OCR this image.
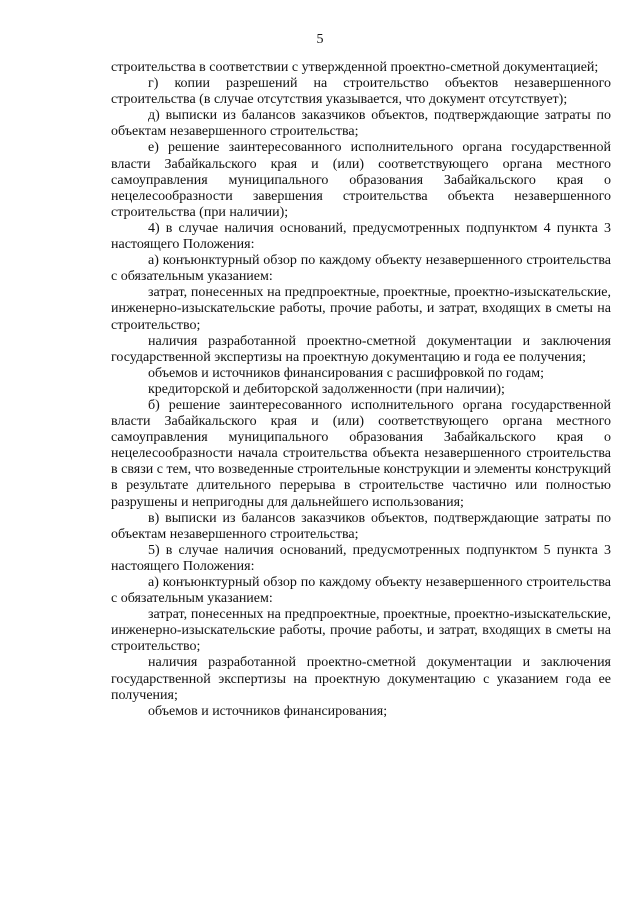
5

строительства в соответствии с утвержденной проектно-сметной документацией;

г) копии разрешений на строительство объектов незавершенного строительства (в случае отсутствия указывается, что документ отсутствует);

д) выписки из балансов заказчиков объектов, подтверждающие затраты по объектам незавершенного строительства;

е) решение заинтересованного исполнительного органа государственной власти Забайкальского края и (или) соответствующего органа местного самоуправления муниципального образования Забайкальского края о нецелесообразности завершения строительства объекта незавершенного строительства (при наличии);

4) в случае наличия оснований, предусмотренных подпунктом 4 пункта 3 настоящего Положения:

а) конъюнктурный обзор по каждому объекту незавершенного строительства с обязательным указанием:

затрат, понесенных на предпроектные, проектные, проектно-изыскательские, инженерно-изыскательские работы, прочие работы, и затрат, входящих в сметы на строительство;

наличия разработанной проектно-сметной документации и заключения государственной экспертизы на проектную документацию и года ее получения;

объемов и источников финансирования с расшифровкой по годам;

кредиторской и дебиторской задолженности (при наличии);

б) решение заинтересованного исполнительного органа государственной власти Забайкальского края и (или) соответствующего органа местного самоуправления муниципального образования Забайкальского края о нецелесообразности начала строительства объекта незавершенного строительства в связи с тем, что возведенные строительные конструкции и элементы конструкций в результате длительного перерыва в строительстве частично или полностью разрушены и непригодны для дальнейшего использования;

в) выписки из балансов заказчиков объектов, подтверждающие затраты по объектам незавершенного строительства;

5) в случае наличия оснований, предусмотренных подпунктом 5 пункта 3 настоящего Положения:

а) конъюнктурный обзор по каждому объекту незавершенного строительства с обязательным указанием:

затрат, понесенных на предпроектные, проектные, проектно-изыскательские, инженерно-изыскательские работы, прочие работы, и затрат, входящих в сметы на строительство;

наличия разработанной проектно-сметной документации и заключения государственной экспертизы на проектную документацию с указанием года ее получения;

объемов и источников финансирования;
